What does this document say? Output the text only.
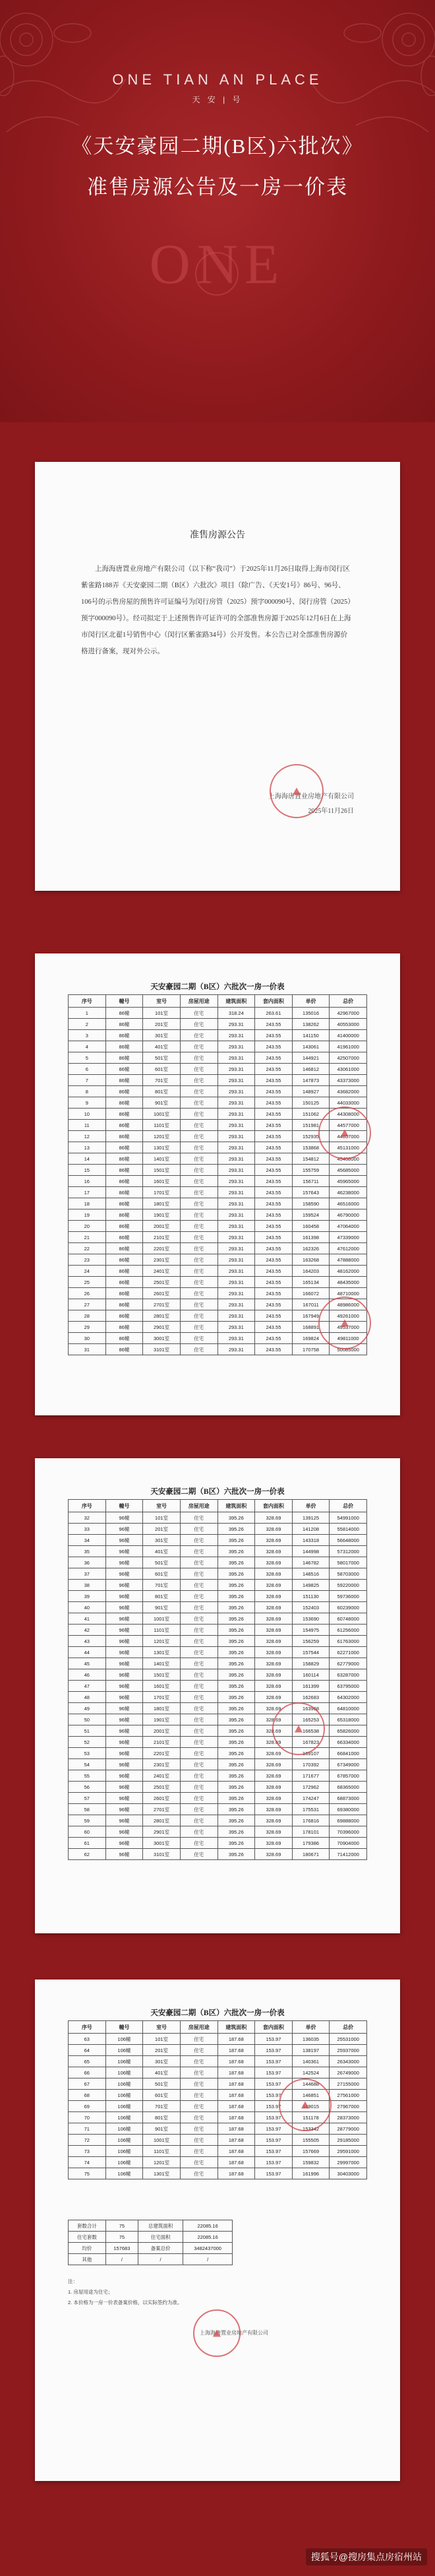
ONE TIAN AN PLACE
天 安 | 号
《天安豪园二期(B区)六批次》
准售房源公告及一房一价表
ONE
准售房源公告
上海海唐置业房地产有限公司（以下称“我司”）于2025年11月26日取得上海市闵行区紫雀路188弄《天安豪园二期（B区）六批次》项目（除广告、《天安1号》86号、96号、106号的示售房屋的预售许可证编号为闵行房管（2025）预字000090号、闵行房管（2025）预字000090号）。经司拟定于上述预售许可证许可的全部准售房源于2025年12月6日在上海市闵行区北翟1号销售中心（闵行区紫雀路34号）公开发售。本公告已对全部准售房源价格进行备案，现对外公示。
上海海唐置业房地产有限公司
2025年11月26日
天安豪园二期（B区）六批次一房一价表
序号	幢号	室号	房屋用途	建筑面积	套内面积	单价	总价
1	86幢	101室	住宅	318.24	263.61	135016	42967000
2	86幢	201室	住宅	293.31	243.55	138262	40553000
3	86幢	301室	住宅	293.31	243.55	141150	41400000
4	86幢	401室	住宅	293.31	243.55	143061	41961000
5	86幢	501室	住宅	293.31	243.55	144921	42507000
6	86幢	601室	住宅	293.31	243.55	146812	43061000
7	86幢	701室	住宅	293.31	243.55	147873	43373000
8	86幢	801室	住宅	293.31	243.55	148927	43682000
9	86幢	901室	住宅	293.31	243.55	150125	44033000
10	86幢	1001室	住宅	293.31	243.55	151062	44308000
11	86幢	1101室	住宅	293.31	243.55	151981	44577000
12	86幢	1201室	住宅	293.31	243.55	152935	44857000
13	86幢	1301室	住宅	293.31	243.55	153868	45131000
14	86幢	1401室	住宅	293.31	243.55	154812	45408000
15	86幢	1501室	住宅	293.31	243.55	155759	45685000
16	86幢	1601室	住宅	293.31	243.55	156711	45965000
17	86幢	1701室	住宅	293.31	243.55	157643	46238000
18	86幢	1801室	住宅	293.31	243.55	158590	46516000
19	86幢	1901室	住宅	293.31	243.55	159524	46790000
20	86幢	2001室	住宅	293.31	243.55	160458	47064000
21	86幢	2101室	住宅	293.31	243.55	161398	47339000
22	86幢	2201室	住宅	293.31	243.55	162326	47612000
23	86幢	2301室	住宅	293.31	243.55	163268	47888000
24	86幢	2401室	住宅	293.31	243.55	164203	48162000
25	86幢	2501室	住宅	293.31	243.55	165134	48435000
26	86幢	2601室	住宅	293.31	243.55	166072	48710000
27	86幢	2701室	住宅	293.31	243.55	167011	48986000
28	86幢	2801室	住宅	293.31	243.55	167949	49261000
29	86幢	2901室	住宅	293.31	243.55	168891	49537000
30	86幢	3001室	住宅	293.31	243.55	169824	49811000
31	86幢	3101室	住宅	293.31	243.55	170758	50085000
天安豪园二期（B区）六批次一房一价表
序号	幢号	室号	房屋用途	建筑面积	套内面积	单价	总价
32	96幢	101室	住宅	395.26	328.69	139125	54991000
33	96幢	201室	住宅	395.26	328.69	141208	55814000
34	96幢	301室	住宅	395.26	328.69	143318	56648000
35	96幢	401室	住宅	395.26	328.69	144998	57312000
36	96幢	501室	住宅	395.26	328.69	146782	58017000
37	96幢	601室	住宅	395.26	328.69	148516	58703000
38	96幢	701室	住宅	395.26	328.69	149825	59220000
39	96幢	801室	住宅	395.26	328.69	151130	59736000
40	96幢	901室	住宅	395.26	328.69	152403	60239000
41	96幢	1001室	住宅	395.26	328.69	153690	60748000
42	96幢	1101室	住宅	395.26	328.69	154975	61256000
43	96幢	1201室	住宅	395.26	328.69	156259	61763000
44	96幢	1301室	住宅	395.26	328.69	157544	62271000
45	96幢	1401室	住宅	395.26	328.69	158829	62779000
46	96幢	1501室	住宅	395.26	328.69	160114	63287000
47	96幢	1601室	住宅	395.26	328.69	161399	63795000
48	96幢	1701室	住宅	395.26	328.69	162683	64302000
49	96幢	1801室	住宅	395.26	328.69	163968	64810000
50	96幢	1901室	住宅	395.26	328.69	165253	65318000
51	96幢	2001室	住宅	395.26	328.69	166538	65826000
52	96幢	2101室	住宅	395.26	328.69	167823	66334000
53	96幢	2201室	住宅	395.26	328.69	169107	66841000
54	96幢	2301室	住宅	395.26	328.69	170392	67349000
55	96幢	2401室	住宅	395.26	328.69	171677	67857000
56	96幢	2501室	住宅	395.26	328.69	172962	68365000
57	96幢	2601室	住宅	395.26	328.69	174247	68873000
58	96幢	2701室	住宅	395.26	328.69	175531	69380000
59	96幢	2801室	住宅	395.26	328.69	176816	69888000
60	96幢	2901室	住宅	395.26	328.69	178101	70396000
61	96幢	3001室	住宅	395.26	328.69	179386	70904000
62	96幢	3101室	住宅	395.26	328.69	180671	71412000
天安豪园二期（B区）六批次一房一价表
序号	幢号	室号	房屋用途	建筑面积	套内面积	单价	总价
63	106幢	101室	住宅	187.68	153.97	136035	25531000
64	106幢	201室	住宅	187.68	153.97	138197	25937000
65	106幢	301室	住宅	187.68	153.97	140361	26343000
66	106幢	401室	住宅	187.68	153.97	142524	26749000
67	106幢	501室	住宅	187.68	153.97	144688	27155000
68	106幢	601室	住宅	187.68	153.97	146851	27561000
69	106幢	701室	住宅	187.68	153.97	149015	27967000
70	106幢	801室	住宅	187.68	153.97	151178	28373000
71	106幢	901室	住宅	187.68	153.97	153342	28779000
72	106幢	1001室	住宅	187.68	153.97	155505	29185000
73	106幢	1101室	住宅	187.68	153.97	157669	29591000
74	106幢	1201室	住宅	187.68	153.97	159832	29997000
75	106幢	1301室	住宅	187.68	153.97	161996	30403000
套数合计	75	总建筑面积	22085.16
住宅套数	75	住宅面积	22085.16
均价	157683	备案总价	3482437000
其他	/	/	/
注：
1. 房屋用途为住宅；
2. 本价格为一房一价表备案价格，以实际签约为准。
上海海唐置业房地产有限公司
搜狐号@搜房集点房宿州站
